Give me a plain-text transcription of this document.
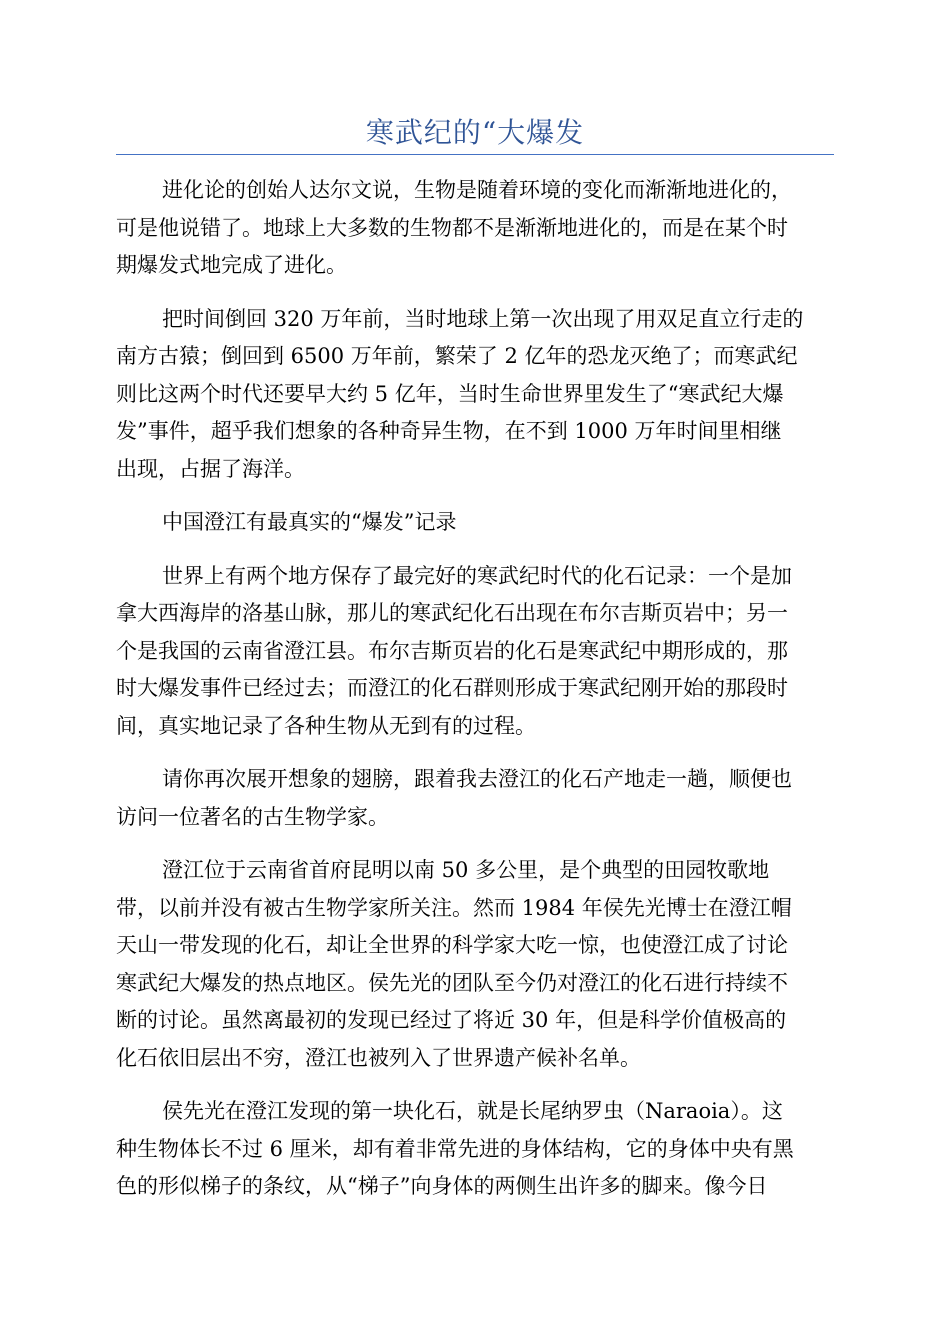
寒武纪的“大爆发

进化论的创始人达尔文说，生物是随着环境的变化而渐渐地进化的，
可是他说错了。地球上大多数的生物都不是渐渐地进化的，而是在某个时
期爆发式地完成了进化。

把时间倒回 320 万年前，当时地球上第一次出现了用双足直立行走的
南方古猿；倒回到 6500 万年前，繁荣了 2 亿年的恐龙灭绝了；而寒武纪
则比这两个时代还要早大约 5 亿年，当时生命世界里发生了“寒武纪大爆
发”事件，超乎我们想象的各种奇异生物，在不到 1000 万年时间里相继
出现，占据了海洋。

中国澄江有最真实的“爆发”记录

世界上有两个地方保存了最完好的寒武纪时代的化石记录：一个是加
拿大西海岸的洛基山脉，那儿的寒武纪化石出现在布尔吉斯页岩中；另一
个是我国的云南省澄江县。布尔吉斯页岩的化石是寒武纪中期形成的，那
时大爆发事件已经过去；而澄江的化石群则形成于寒武纪刚开始的那段时
间，真实地记录了各种生物从无到有的过程。

请你再次展开想象的翅膀，跟着我去澄江的化石产地走一趟，顺便也
访问一位著名的古生物学家。

澄江位于云南省首府昆明以南 50 多公里，是个典型的田园牧歌地
带，以前并没有被古生物学家所关注。然而 1984 年侯先光博士在澄江帽
天山一带发现的化石，却让全世界的科学家大吃一惊，也使澄江成了讨论
寒武纪大爆发的热点地区。侯先光的团队至今仍对澄江的化石进行持续不
断的讨论。虽然离最初的发现已经过了将近 30 年，但是科学价值极高的
化石依旧层出不穷，澄江也被列入了世界遗产候补名单。

侯先光在澄江发现的第一块化石，就是长尾纳罗虫（Naraoia）。这
种生物体长不过 6 厘米，却有着非常先进的身体结构，它的身体中央有黑
色的形似梯子的条纹，从“梯子”向身体的两侧生出许多的脚来。像今日
